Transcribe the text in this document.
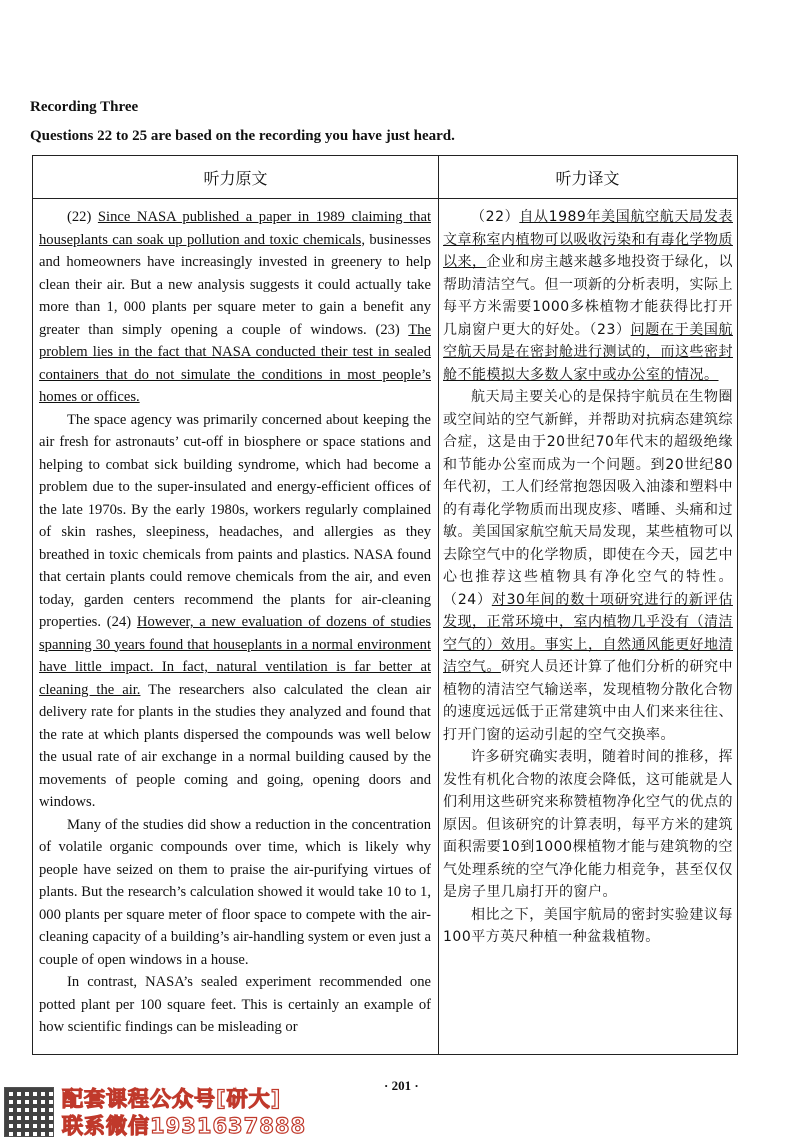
Recording Three
Questions 22 to 25 are based on the recording you have just heard.
听力原文	听力译文

(22) Since NASA published a paper in 1989 claiming that houseplants can soak up pollution and toxic chemicals, businesses and homeowners have increasingly invested in greenery to help clean their air. But a new analysis suggests it could actually take more than 1, 000 plants per square meter to gain a benefit any greater than simply opening a couple of windows. (23) The problem lies in the fact that NASA conducted their test in sealed containers that do not simulate the conditions in most people’s homes or offices.

The space agency was primarily concerned about keeping the air fresh for astronauts’ cut-off in biosphere or space stations and helping to combat sick building syndrome, which had become a problem due to the super-insulated and energy-efficient offices of the late 1970s. By the early 1980s, workers regularly complained of skin rashes, sleepiness, headaches, and allergies as they breathed in toxic chemicals from paints and plastics. NASA found that certain plants could remove chemicals from the air, and even today, garden centers recommend the plants for air-cleaning properties. (24) However, a new evaluation of dozens of studies spanning 30 years found that houseplants in a normal environment have little impact. In fact, natural ventilation is far better at cleaning the air. The researchers also calculated the clean air delivery rate for plants in the studies they analyzed and found that the rate at which plants dispersed the compounds was well below the usual rate of air exchange in a normal building caused by the movements of people coming and going, opening doors and windows.

Many of the studies did show a reduction in the concentration of volatile organic compounds over time, which is likely why people have seized on them to praise the air-purifying virtues of plants. But the research’s calculation showed it would take 10 to 1, 000 plants per square meter of floor space to compete with the air-cleaning capacity of a building’s air-handling system or even just a couple of open windows in a house.

In contrast, NASA’s sealed experiment recommended one potted plant per 100 square feet. This is certainly an example of how scientific findings can be misleading or

（22）自从1989年美国航空航天局发表文章称室内植物可以吸收污染和有毒化学物质以来，企业和房主越来越多地投资于绿化，以帮助清洁空气。但一项新的分析表明，实际上每平方米需要1000多株植物才能获得比打开几扇窗户更大的好处。（23）问题在于美国航空航天局是在密封舱进行测试的，而这些密封舱不能模拟大多数人家中或办公室的情况。

航天局主要关心的是保持宇航员在生物圈或空间站的空气新鲜，并帮助对抗病态建筑综合症，这是由于20世纪70年代末的超级绝缘和节能办公室而成为一个问题。到20世纪80年代初，工人们经常抱怨因吸入油漆和塑料中的有毒化学物质而出现皮疹、嗜睡、头痛和过敏。美国国家航空航天局发现，某些植物可以去除空气中的化学物质，即使在今天，园艺中心也推荐这些植物具有净化空气的特性。（24）对30年间的数十项研究进行的新评估发现，正常环境中，室内植物几乎没有（清洁空气的）效用。事实上，自然通风能更好地清洁空气。研究人员还计算了他们分析的研究中植物的清洁空气输送率，发现植物分散化合物的速度远远低于正常建筑中由人们来来往往、打开门窗的运动引起的空气交换率。

许多研究确实表明，随着时间的推移，挥发性有机化合物的浓度会降低，这可能就是人们利用这些研究来称赞植物净化空气的优点的原因。但该研究的计算表明，每平方米的建筑面积需要10到1000棵植物才能与建筑物的空气处理系统的空气净化能力相竞争，甚至仅仅是房子里几扇打开的窗户。

相比之下，美国宇航局的密封实验建议每100平方英尺种植一种盆栽植物。

· 201 ·
配套课程公众号[研大]
联系微信1931637888
